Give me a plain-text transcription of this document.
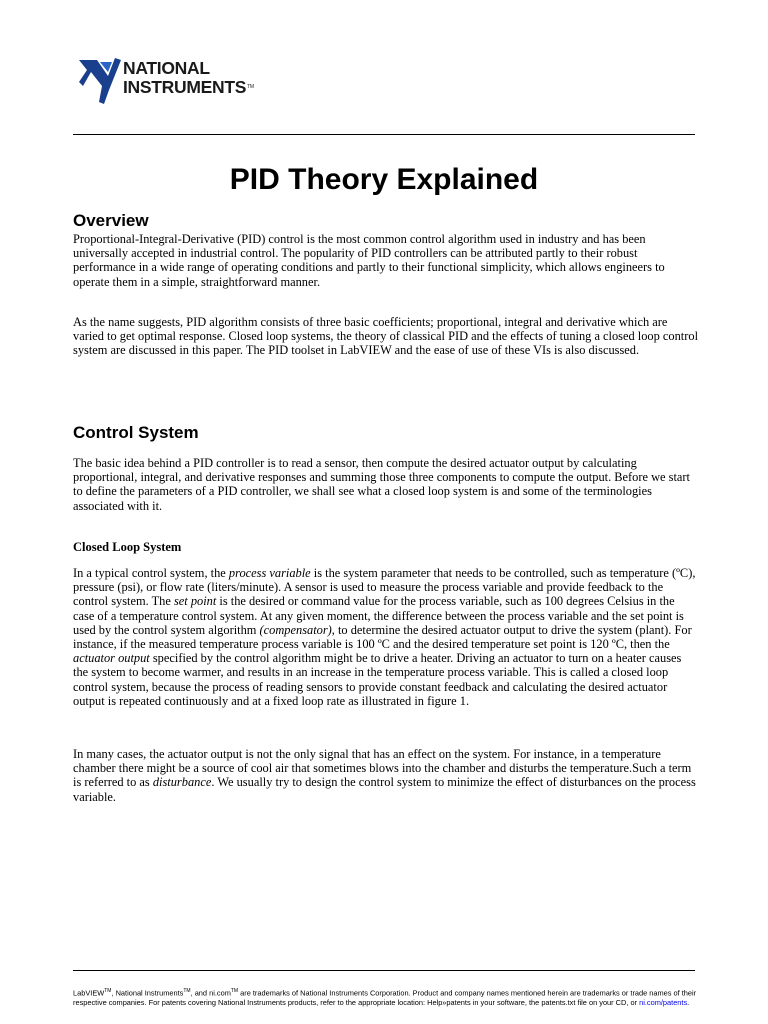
NATIONAL
INSTRUMENTS™
PID Theory Explained
Overview

Proportional-Integral-Derivative (PID) control is the most common control algorithm used in industry and has been universally accepted in industrial control. The popularity of PID controllers can be attributed partly to their robust performance in a wide range of operating conditions and partly to their functional simplicity, which allows engineers to operate them in a simple, straightforward manner.

As the name suggests, PID algorithm consists of three basic coefficients; proportional, integral and derivative which are varied to get optimal response. Closed loop systems, the theory of classical PID and the effects of tuning a closed loop control system are discussed in this paper. The PID toolset in LabVIEW and the ease of use of these VIs is also discussed.

Control System

The basic idea behind a PID controller is to read a sensor, then compute the desired actuator output by calculating proportional, integral, and derivative responses and summing those three components to compute the output. Before we start to define the parameters of a PID controller, we shall see what a closed loop system is and some of the terminologies associated with it.

Closed Loop System

In a typical control system, the process variable is the system parameter that needs to be controlled, such as temperature (ºC), pressure (psi), or flow rate (liters/minute). A sensor is used to measure the process variable and provide feedback to the control system. The set point is the desired or command value for the process variable, such as 100 degrees Celsius in the case of a temperature control system. At any given moment, the difference between the process variable and the set point is used by the control system algorithm (compensator), to determine the desired actuator output to drive the system (plant). For instance, if the measured temperature process variable is 100 ºC and the desired temperature set point is 120 ºC, then the actuator output specified by the control algorithm might be to drive a heater. Driving an actuator to turn on a heater causes the system to become warmer, and results in an increase in the temperature process variable. This is called a closed loop control system, because the process of reading sensors to provide constant feedback and calculating the desired actuator output is repeated continuously and at a fixed loop rate as illustrated in figure 1.

In many cases, the actuator output is not the only signal that has an effect on the system. For instance, in a temperature chamber there might be a source of cool air that sometimes blows into the chamber and disturbs the temperature.Such a term is referred to as disturbance. We usually try to design the control system to minimize the effect of disturbances on the process variable.

LabVIEW™, National Instruments™, and ni.com™ are trademarks of National Instruments Corporation. Product and company names mentioned herein are trademarks or trade names of their respective companies. For patents covering National Instruments products, refer to the appropriate location: Help»patents in your software, the patents.txt file on your CD, or ni.com/patents.
